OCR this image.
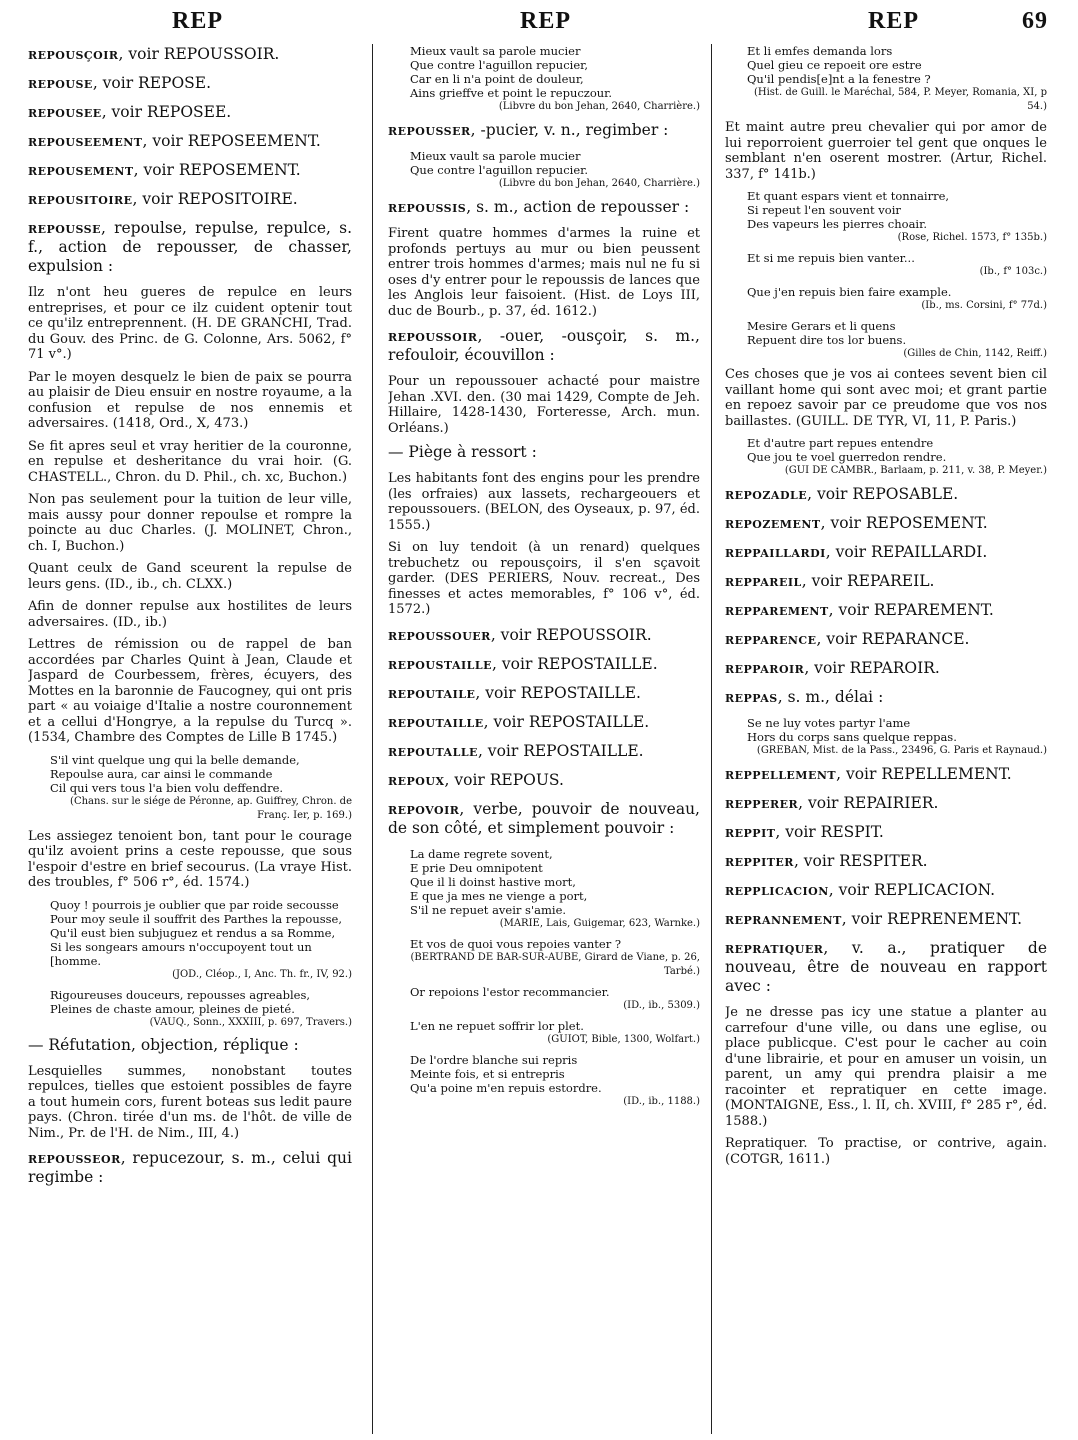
REP	REP	REP	69

repousçoir, voir REPOUSSOIR.

repouse, voir REPOSE.

repousee, voir REPOSEE.

repouseement, voir REPOSEEMENT.

repousement, voir REPOSEMENT.

repousitoire, voir REPOSITOIRE.

repousse, repoulse, repulse, repulce, s. f., action de repousser, de chasser, expulsion :

Ilz n'ont heu gueres de repulce en leurs entreprises, et pour ce ilz cuident optenir tout ce qu'ilz entreprennent. (H. DE GRANCHI, Trad. du Gouv. des Princ. de G. Colonne, Ars. 5062, f° 71 v°.)

Par le moyen desquelz le bien de paix se pourra au plaisir de Dieu ensuir en nostre royaume, a la confusion et repulse de nos ennemis et adversaires. (1418, Ord., X, 473.)

Se fit apres seul et vray heritier de la couronne, en repulse et desheritance du vrai hoir. (G. CHASTELL., Chron. du D. Phil., ch. xc, Buchon.)

Non pas seulement pour la tuition de leur ville, mais aussy pour donner repoulse et rompre la poincte au duc Charles. (J. MOLINET, Chron., ch. I, Buchon.)

Quant ceulx de Gand sceurent la repulse de leurs gens. (ID., ib., ch. CLXX.)

Afin de donner repulse aux hostilites de leurs adversaires. (ID., ib.)

Lettres de rémission ou de rappel de ban accordées par Charles Quint à Jean, Claude et Jaspard de Courbessem, frères, écuyers, des Mottes en la baronnie de Faucogney, qui ont pris part « au voiaige d'Italie a nostre couronnement et a cellui d'Hongrye, a la repulse du Turcq ». (1534, Chambre des Comptes de Lille B 1745.)

S'il vint quelque ung qui la belle demande,
Repoulse aura, car ainsi le commande
Cil qui vers tous l'a bien volu deffendre.
(Chans. sur le siége de Péronne, ap. Guiffrey, Chron. de Franç. Ier, p. 169.)

Les assiegez tenoient bon, tant pour le courage qu'ilz avoient prins a ceste repousse, que sous l'espoir d'estre en brief secourus. (La vraye Hist. des troubles, f° 506 r°, éd. 1574.)

Quoy ! pourrois je oublier que par roide secousse
Pour moy seule il souffrit des Parthes la repousse,
Qu'il eust bien subjuguez et rendus a sa Romme,
Si les songears amours n'occupoyent tout un [homme.
(JOD., Cléop., I, Anc. Th. fr., IV, 92.)
Rigoureuses douceurs, repousses agreables,
Pleines de chaste amour, pleines de pieté.
(VAUQ., Sonn., XXXIII, p. 697, Travers.)

— Réfutation, objection, réplique :

Lesquielles summes, nonobstant toutes repulces, tielles que estoient possibles de fayre a tout humein cors, furent boteas sus ledit paure pays. (Chron. tirée d'un ms. de l'hôt. de ville de Nim., Pr. de l'H. de Nim., III, 4.)

repousseor, repucezour, s. m., celui qui regimbe :

Mieux vault sa parole mucier
Que contre l'aguillon repucier,
Car en li n'a point de douleur,
Ains grieffve et point le repuczour.
(Libvre du bon Jehan, 2640, Charrière.)

repousser, -pucier, v. n., regimber :

Mieux vault sa parole mucier
Que contre l'aguillon repucier.
(Libvre du bon Jehan, 2640, Charrière.)

repoussis, s. m., action de repousser :

Firent quatre hommes d'armes la ruine et profonds pertuys au mur ou bien peussent entrer trois hommes d'armes; mais nul ne fu si oses d'y entrer pour le repoussis de lances que les Anglois leur faisoient. (Hist. de Loys III, duc de Bourb., p. 37, éd. 1612.)

repoussoir, -ouer, -ousçoir, s. m., refouloir, écouvillon :

Pour un repoussouer achacté pour maistre Jehan .XVI. den. (30 mai 1429, Compte de Jeh. Hillaire, 1428-1430, Forteresse, Arch. mun. Orléans.)

— Piège à ressort :

Les habitants font des engins pour les prendre (les orfraies) aux lassets, rechargeouers et repoussouers. (BELON, des Oyseaux, p. 97, éd. 1555.)

Si on luy tendoit (à un renard) quelques trebuchetz ou repousçoirs, il s'en sçavoit garder. (DES PERIERS, Nouv. recreat., Des finesses et actes memorables, f° 106 v°, éd. 1572.)

repoussouer, voir REPOUSSOIR.

repoustaille, voir REPOSTAILLE.

repoutaile, voir REPOSTAILLE.

repoutaille, voir REPOSTAILLE.

repoutalle, voir REPOSTAILLE.

repoux, voir REPOUS.

repovoir, verbe, pouvoir de nouveau, de son côté, et simplement pouvoir :

La dame regrete sovent,
E prie Deu omnipotent
Que il li doinst hastive mort,
E que ja mes ne vienge a port,
S'il ne repuet aveir s'amie.
(MARIE, Lais, Guigemar, 623, Warnke.)
Et vos de quoi vous repoies vanter ?
(BERTRAND DE BAR-SUR-AUBE, Girard de Viane, p. 26, Tarbé.)
Or repoions l'estor recommancier.
(ID., ib., 5309.)
L'en ne repuet soffrir lor plet.
(GUIOT, Bible, 1300, Wolfart.)
De l'ordre blanche sui repris
Meinte fois, et si entrepris
Qu'a poine m'en repuis estordre.
(ID., ib., 1188.)
Et li emfes demanda lors
Quel gieu ce repoeit ore estre
Qu'il pendis[e]nt a la fenestre ?
(Hist. de Guill. le Maréchal, 584, P. Meyer, Romania, XI, p 54.)

Et maint autre preu chevalier qui por amor de lui reporroient guerroier tel gent que onques le semblant n'en oserent mostrer. (Artur, Richel. 337, f° 141b.)

Et quant espars vient et tonnairre,
Si repeut l'en souvent voir
Des vapeurs les pierres choair.
(Rose, Richel. 1573, f° 135b.)
Et si me repuis bien vanter...
(Ib., f° 103c.)
Que j'en repuis bien faire example.
(Ib., ms. Corsini, f° 77d.)
Mesire Gerars et li quens
Repuent dire tos lor buens.
(Gilles de Chin, 1142, Reiff.)

Ces choses que je vos ai contees sevent bien cil vaillant home qui sont avec moi; et grant partie en repoez savoir par ce preudome que vos nos baillastes. (GUILL. DE TYR, VI, 11, P. Paris.)

Et d'autre part repues entendre
Que jou te voel guerredon rendre.
(GUI DE CAMBR., Barlaam, p. 211, v. 38, P. Meyer.)

repozadle, voir REPOSABLE.

repozement, voir REPOSEMENT.

reppaillardi, voir REPAILLARDI.

reppareil, voir REPAREIL.

repparement, voir REPAREMENT.

repparence, voir REPARANCE.

repparoir, voir REPAROIR.

reppas, s. m., délai :

Se ne luy votes partyr l'ame
Hors du corps sans quelque reppas.
(GREBAN, Mist. de la Pass., 23496, G. Paris et Raynaud.)

reppellement, voir REPELLEMENT.

repperer, voir REPAIRIER.

reppit, voir RESPIT.

reppiter, voir RESPITER.

repplicacion, voir REPLICACION.

reprannement, voir REPRENEMENT.

repratiquer, v. a., pratiquer de nouveau, être de nouveau en rapport avec :

Je ne dresse pas icy une statue a planter au carrefour d'une ville, ou dans une eglise, ou place publicque. C'est pour le cacher au coin d'une librairie, et pour en amuser un voisin, un parent, un amy qui prendra plaisir a me racointer et repratiquer en cette image. (MONTAIGNE, Ess., l. II, ch. XVIII, f° 285 r°, éd. 1588.)

Repratiquer. To practise, or contrive, again. (COTGR, 1611.)
